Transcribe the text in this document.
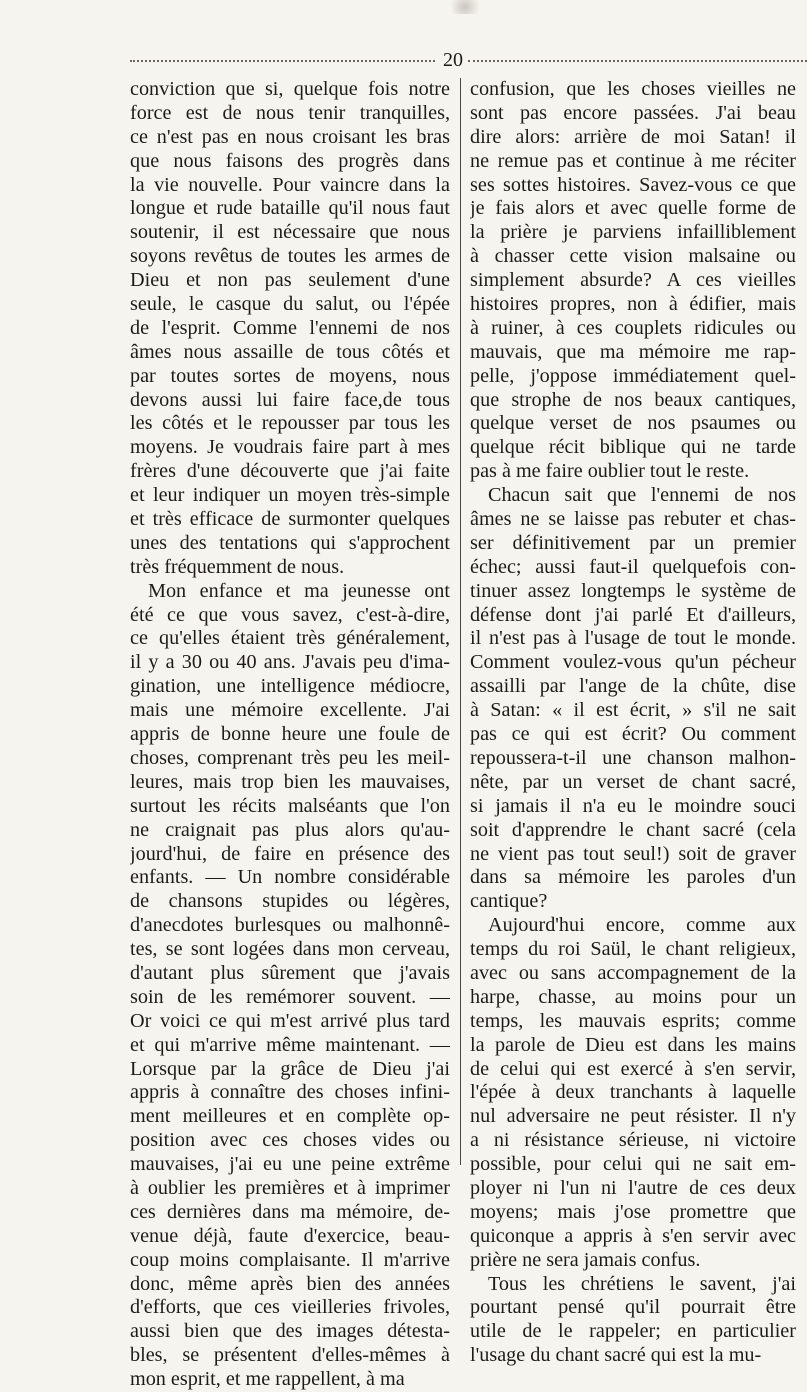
20
conviction que si, quelque fois notre
force est de nous tenir tranquilles,
ce n'est pas en nous croisant les bras
que nous faisons des progrès dans
la vie nouvelle. Pour vaincre dans la
longue et rude bataille qu'il nous faut
soutenir, il est nécessaire que nous
soyons revêtus de toutes les armes de
Dieu et non pas seulement d'une
seule, le casque du salut, ou l'épée
de l'esprit. Comme l'ennemi de nos
âmes nous assaille de tous côtés et
par toutes sortes de moyens, nous
devons aussi lui faire face,de tous
les côtés et le repousser par tous les
moyens. Je voudrais faire part à mes
frères d'une découverte que j'ai faite
et leur indiquer un moyen très-simple
et très efficace de surmonter quelques
unes des tentations qui s'approchent
très fréquemment de nous.
Mon enfance et ma jeunesse ont
été ce que vous savez, c'est-à-dire,
ce qu'elles étaient très généralement,
il y a 30 ou 40 ans. J'avais peu d'ima-
gination, une intelligence médiocre,
mais une mémoire excellente. J'ai
appris de bonne heure une foule de
choses, comprenant très peu les meil-
leures, mais trop bien les mauvaises,
surtout les récits malséants que l'on
ne craignait pas plus alors qu'au-
jourd'hui, de faire en présence des
enfants. — Un nombre considérable
de chansons stupides ou légères,
d'anecdotes burlesques ou malhonnê-
tes, se sont logées dans mon cerveau,
d'autant plus sûrement que j'avais
soin de les remémorer souvent. —
Or voici ce qui m'est arrivé plus tard
et qui m'arrive même maintenant. —
Lorsque par la grâce de Dieu j'ai
appris à connaître des choses infini-
ment meilleures et en complète op-
position avec ces choses vides ou
mauvaises, j'ai eu une peine extrême
à oublier les premières et à imprimer
ces dernières dans ma mémoire, de-
venue déjà, faute d'exercice, beau-
coup moins complaisante. Il m'arrive
donc, même après bien des années
d'efforts, que ces vieilleries frivoles,
aussi bien que des images détesta-
bles, se présentent d'elles-mêmes à
mon esprit, et me rappellent, à ma
confusion, que les choses vieilles ne
sont pas encore passées. J'ai beau
dire alors: arrière de moi Satan! il
ne remue pas et continue à me réciter
ses sottes histoires. Savez-vous ce que
je fais alors et avec quelle forme de
la prière je parviens infailliblement
à chasser cette vision malsaine ou
simplement absurde? A ces vieilles
histoires propres, non à édifier, mais
à ruiner, à ces couplets ridicules ou
mauvais, que ma mémoire me rap-
pelle, j'oppose immédiatement quel-
que strophe de nos beaux cantiques,
quelque verset de nos psaumes ou
quelque récit biblique qui ne tarde
pas à me faire oublier tout le reste.
Chacun sait que l'ennemi de nos
âmes ne se laisse pas rebuter et chas-
ser définitivement par un premier
échec; aussi faut-il quelquefois con-
tinuer assez longtemps le système de
défense dont j'ai parlé Et d'ailleurs,
il n'est pas à l'usage de tout le monde.
Comment voulez-vous qu'un pécheur
assailli par l'ange de la chûte, dise
à Satan: « il est écrit, » s'il ne sait
pas ce qui est écrit? Ou comment
repoussera-t-il une chanson malhon-
nête, par un verset de chant sacré,
si jamais il n'a eu le moindre souci
soit d'apprendre le chant sacré (cela
ne vient pas tout seul!) soit de graver
dans sa mémoire les paroles d'un
cantique?
Aujourd'hui encore, comme aux
temps du roi Saül, le chant religieux,
avec ou sans accompagnement de la
harpe, chasse, au moins pour un
temps, les mauvais esprits; comme
la parole de Dieu est dans les mains
de celui qui est exercé à s'en servir,
l'épée à deux tranchants à laquelle
nul adversaire ne peut résister. Il n'y
a ni résistance sérieuse, ni victoire
possible, pour celui qui ne sait em-
ployer ni l'un ni l'autre de ces deux
moyens; mais j'ose promettre que
quiconque a appris à s'en servir avec
prière ne sera jamais confus.
Tous les chrétiens le savent, j'ai
pourtant pensé qu'il pourrait être
utile de le rappeler; en particulier
l'usage du chant sacré qui est la mu-
